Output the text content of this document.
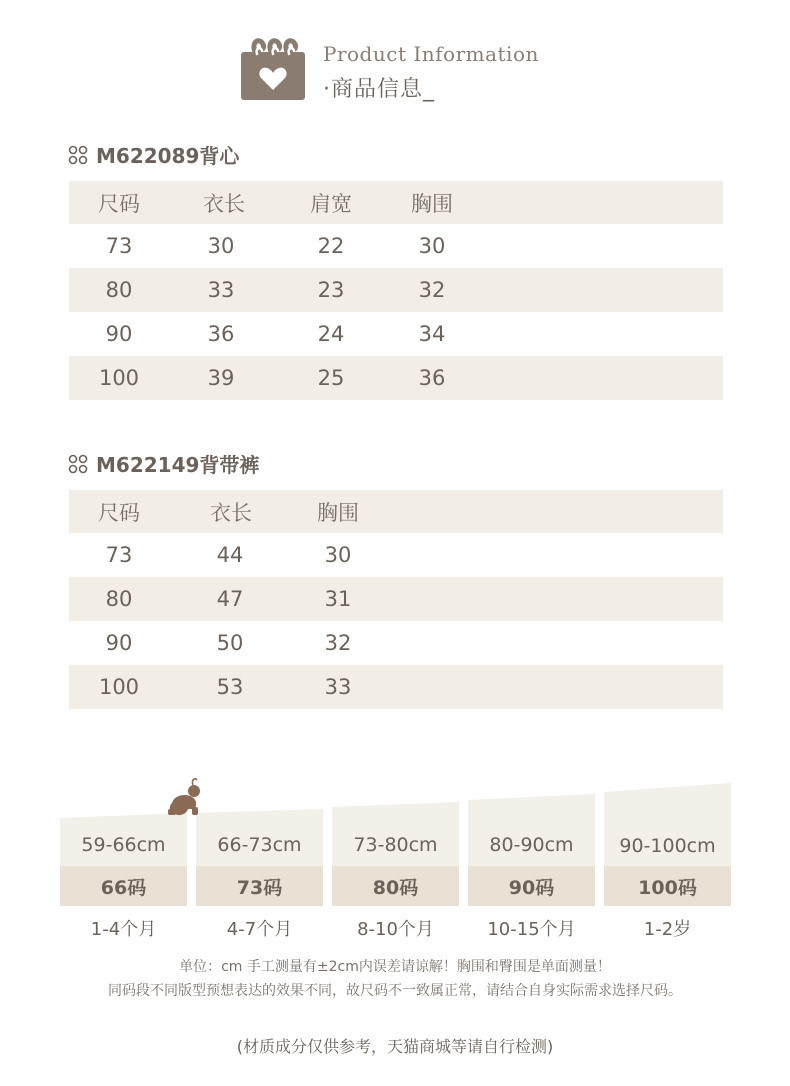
Product Information
·商品信息_
M622089背心
尺码	衣长	肩宽	胸围
73	30	22	30
80	33	23	32
90	36	24	34
100	39	25	36
M622149背带裤
尺码	衣长	胸围
73	44	30
80	47	31
90	50	32
100	53	33
59-66cm	66-73cm	73-80cm	80-90cm	90-100cm
66码	73码	80码	90码	100码
1-4个月	4-7个月	8-10个月	10-15个月	1-2岁
单位：cm 手工测量有±2cm内误差请谅解！胸围和臀围是单面测量！
同码段不同版型预想表达的效果不同，故尺码不一致属正常，请结合自身实际需求选择尺码。
(材质成分仅供参考，天猫商城等请自行检测)
